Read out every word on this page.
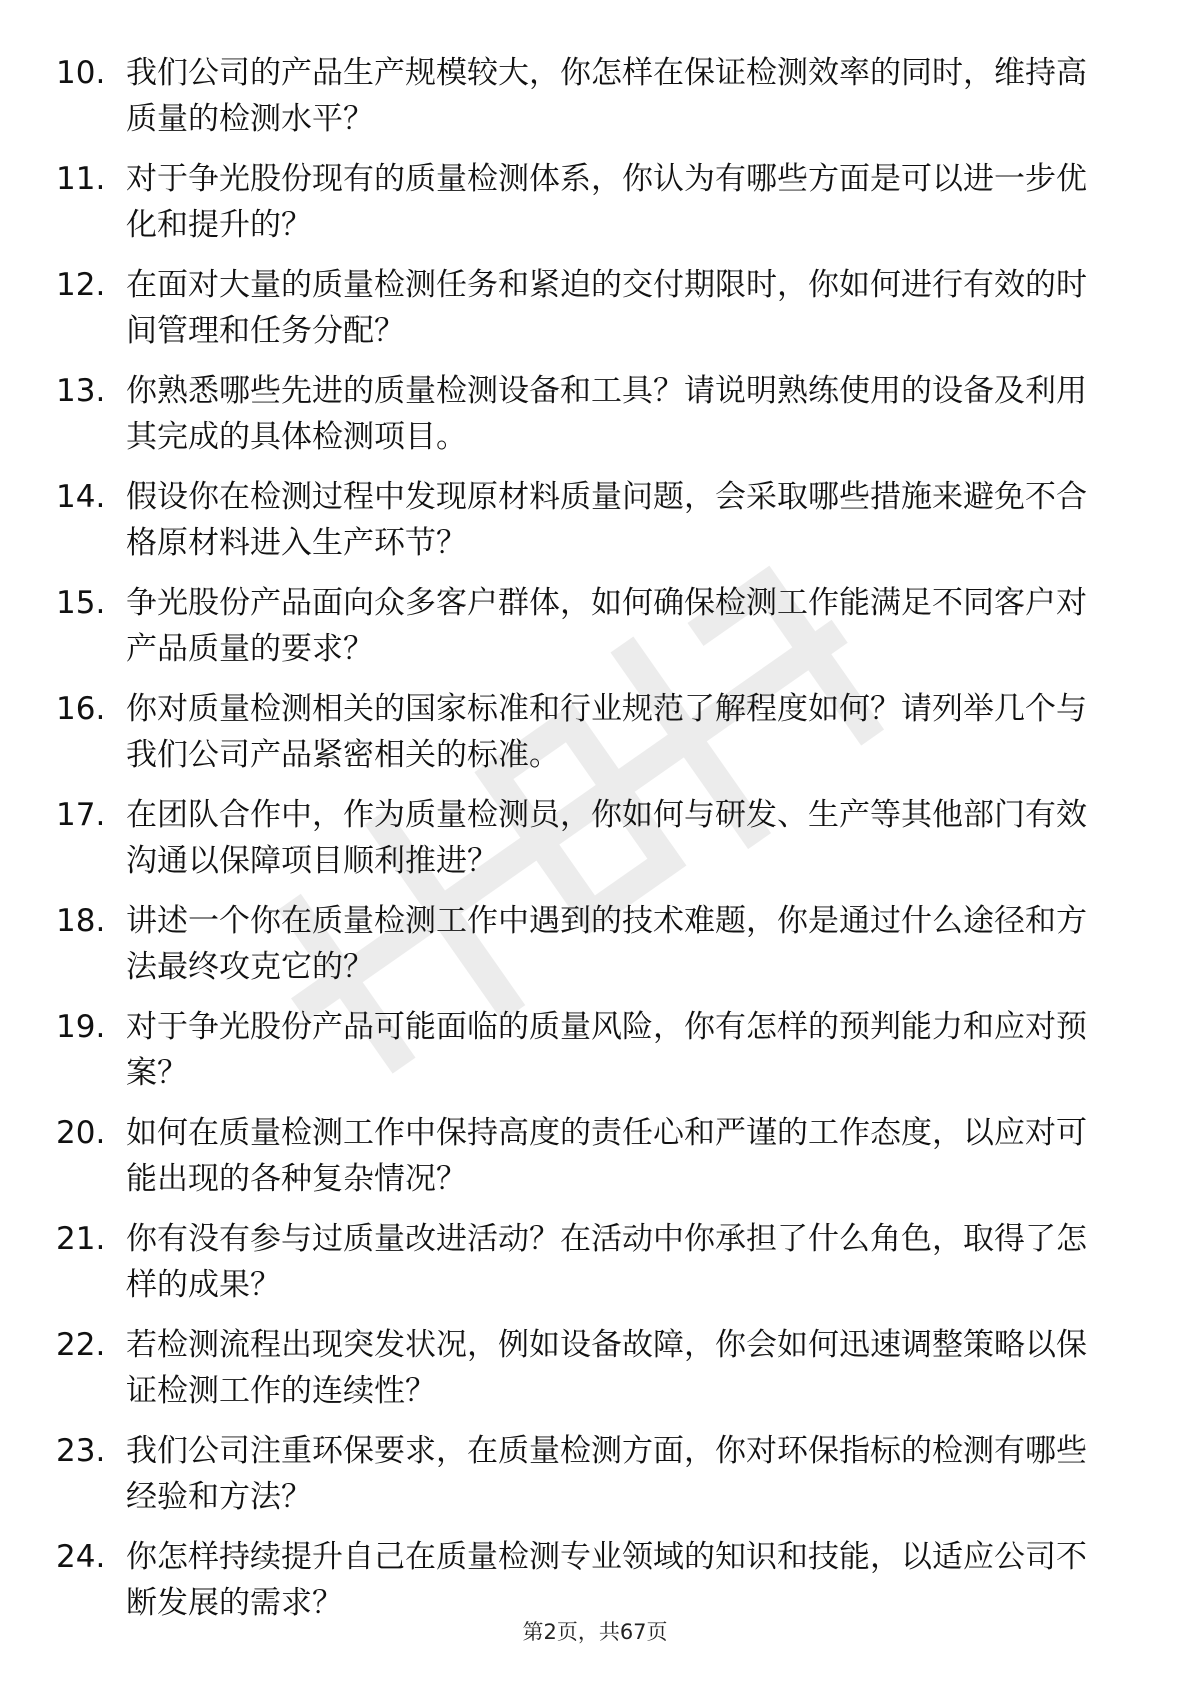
10. 我们公司的产品生产规模较大，你怎样在保证检测效率的同时，维持高质量的检测水平？
11. 对于争光股份现有的质量检测体系，你认为有哪些方面是可以进一步优化和提升的？
12. 在面对大量的质量检测任务和紧迫的交付期限时，你如何进行有效的时间管理和任务分配？
13. 你熟悉哪些先进的质量检测设备和工具？请说明熟练使用的设备及利用其完成的具体检测项目。
14. 假设你在检测过程中发现原材料质量问题，会采取哪些措施来避免不合格原材料进入生产环节？
15. 争光股份产品面向众多客户群体，如何确保检测工作能满足不同客户对产品质量的要求？
16. 你对质量检测相关的国家标准和行业规范了解程度如何？请列举几个与我们公司产品紧密相关的标准。
17. 在团队合作中，作为质量检测员，你如何与研发、生产等其他部门有效沟通以保障项目顺利推进？
18. 讲述一个你在质量检测工作中遇到的技术难题，你是通过什么途径和方法最终攻克它的？
19. 对于争光股份产品可能面临的质量风险，你有怎样的预判能力和应对预案？
20. 如何在质量检测工作中保持高度的责任心和严谨的工作态度，以应对可能出现的各种复杂情况？
21. 你有没有参与过质量改进活动？在活动中你承担了什么角色，取得了怎样的成果？
22. 若检测流程出现突发状况，例如设备故障，你会如何迅速调整策略以保证检测工作的连续性？
23. 我们公司注重环保要求，在质量检测方面，你对环保指标的检测有哪些经验和方法？
24. 你怎样持续提升自己在质量检测专业领域的知识和技能，以适应公司不断发展的需求？
第2页，共67页
